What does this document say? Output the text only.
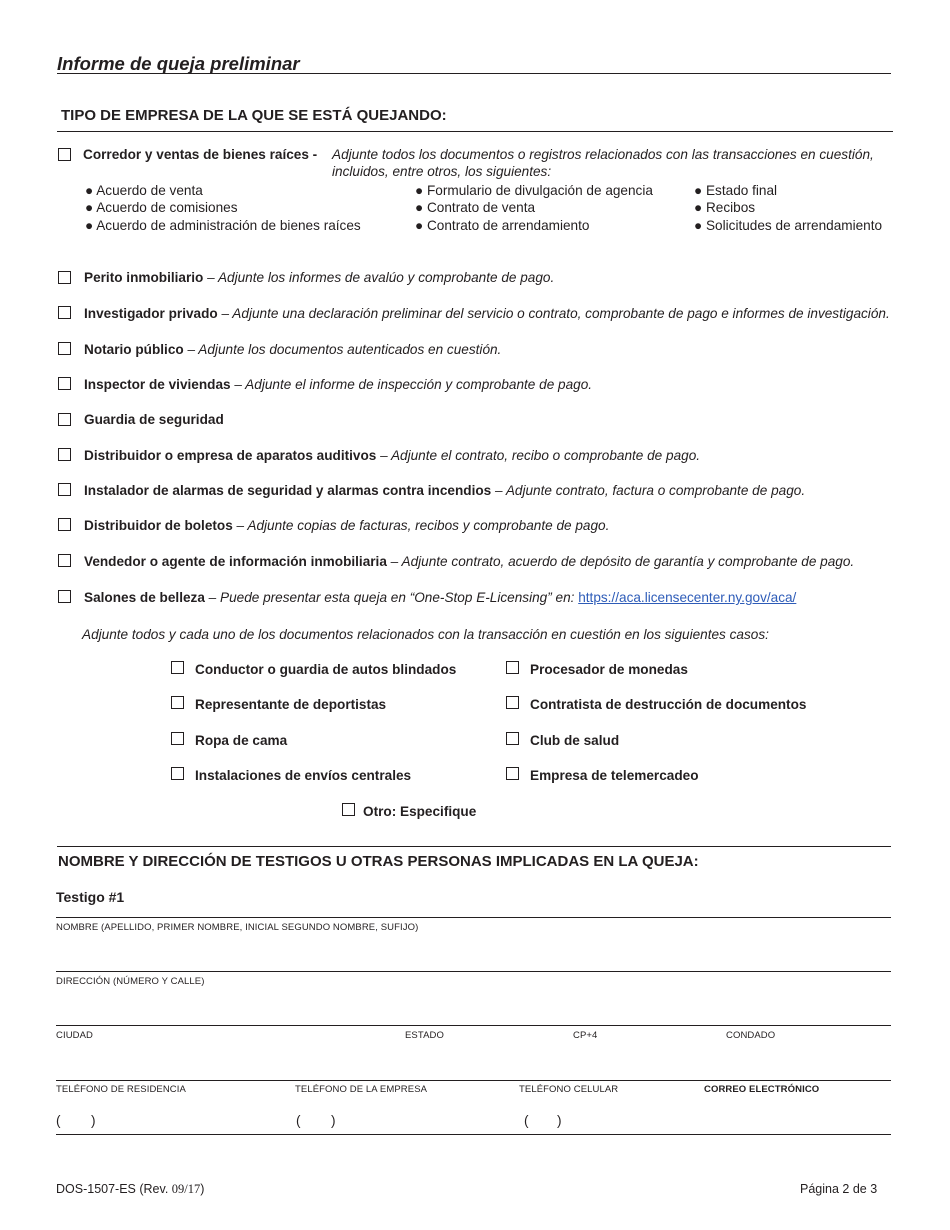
Informe de queja preliminar
TIPO DE EMPRESA DE LA QUE SE ESTÁ QUEJANDO:
Corredor y ventas de bienes raíces - Adjunte todos los documentos o registros relacionados con las transacciones en cuestión,
incluidos, entre otros, los siguientes:
● Acuerdo de venta
● Acuerdo de comisiones
● Acuerdo de administración de bienes raíces
● Formulario de divulgación de agencia
● Contrato de venta
● Contrato de arrendamiento
● Estado final
● Recibos
● Solicitudes de arrendamiento
Perito inmobiliario – Adjunte los informes de avalúo y comprobante de pago.
Investigador privado – Adjunte una declaración preliminar del servicio o contrato, comprobante de pago e informes de investigación.
Notario público – Adjunte los documentos autenticados en cuestión.
Inspector de viviendas – Adjunte el informe de inspección y comprobante de pago.
Guardia de seguridad
Distribuidor o empresa de aparatos auditivos – Adjunte el contrato, recibo o comprobante de pago.
Instalador de alarmas de seguridad y alarmas contra incendios – Adjunte contrato, factura o comprobante de pago.
Distribuidor de boletos – Adjunte copias de facturas, recibos y comprobante de pago.
Vendedor o agente de información inmobiliaria – Adjunte contrato, acuerdo de depósito de garantía y comprobante de pago.
Salones de belleza – Puede presentar esta queja en “One-Stop E-Licensing” en: https://aca.licensecenter.ny.gov/aca/
Adjunte todos y cada uno de los documentos relacionados con la transacción en cuestión en los siguientes casos:
Conductor o guardia de autos blindados
Representante de deportistas
Ropa de cama
Instalaciones de envíos centrales
Procesador de monedas
Contratista de destrucción de documentos
Club de salud
Empresa de telemercadeo
Otro: Especifique
NOMBRE Y DIRECCIÓN DE TESTIGOS U OTRAS PERSONAS IMPLICADAS EN LA QUEJA:
Testigo #1
NOMBRE (APELLIDO, PRIMER NOMBRE, INICIAL SEGUNDO NOMBRE, SUFIJO)
DIRECCIÓN (NÚMERO Y CALLE)
CIUDAD	ESTADO	CP+4	CONDADO
TELÉFONO DE RESIDENCIA	TELÉFONO DE LA EMPRESA	TELÉFONO CELULAR	CORREO ELECTRÓNICO
( )	( )	( )
DOS-1507-ES (Rev. 09/17)	Página 2 de 3
